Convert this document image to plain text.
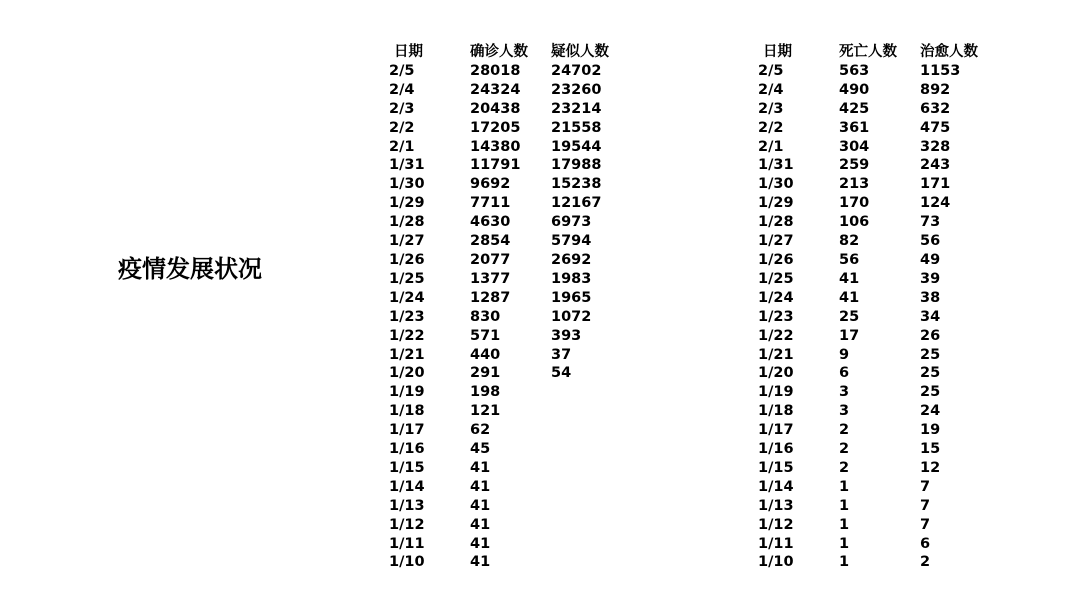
疫情发展状况
日期	确诊人数	疑似人数
2/5	28018	24702
2/4	24324	23260
2/3	20438	23214
2/2	17205	21558
2/1	14380	19544
1/31	11791	17988
1/30	9692	15238
1/29	7711	12167
1/28	4630	6973
1/27	2854	5794
1/26	2077	2692
1/25	1377	1983
1/24	1287	1965
1/23	830	1072
1/22	571	393
1/21	440	37
1/20	291	54
1/19	198	
1/18	121	
1/17	62	
1/16	45	
1/15	41	
1/14	41	
1/13	41	
1/12	41	
1/11	41	
1/10	41	
日期	死亡人数	治愈人数
2/5	563	1153
2/4	490	892
2/3	425	632
2/2	361	475
2/1	304	328
1/31	259	243
1/30	213	171
1/29	170	124
1/28	106	73
1/27	82	56
1/26	56	49
1/25	41	39
1/24	41	38
1/23	25	34
1/22	17	26
1/21	9	25
1/20	6	25
1/19	3	25
1/18	3	24
1/17	2	19
1/16	2	15
1/15	2	12
1/14	1	7
1/13	1	7
1/12	1	7
1/11	1	6
1/10	1	2
